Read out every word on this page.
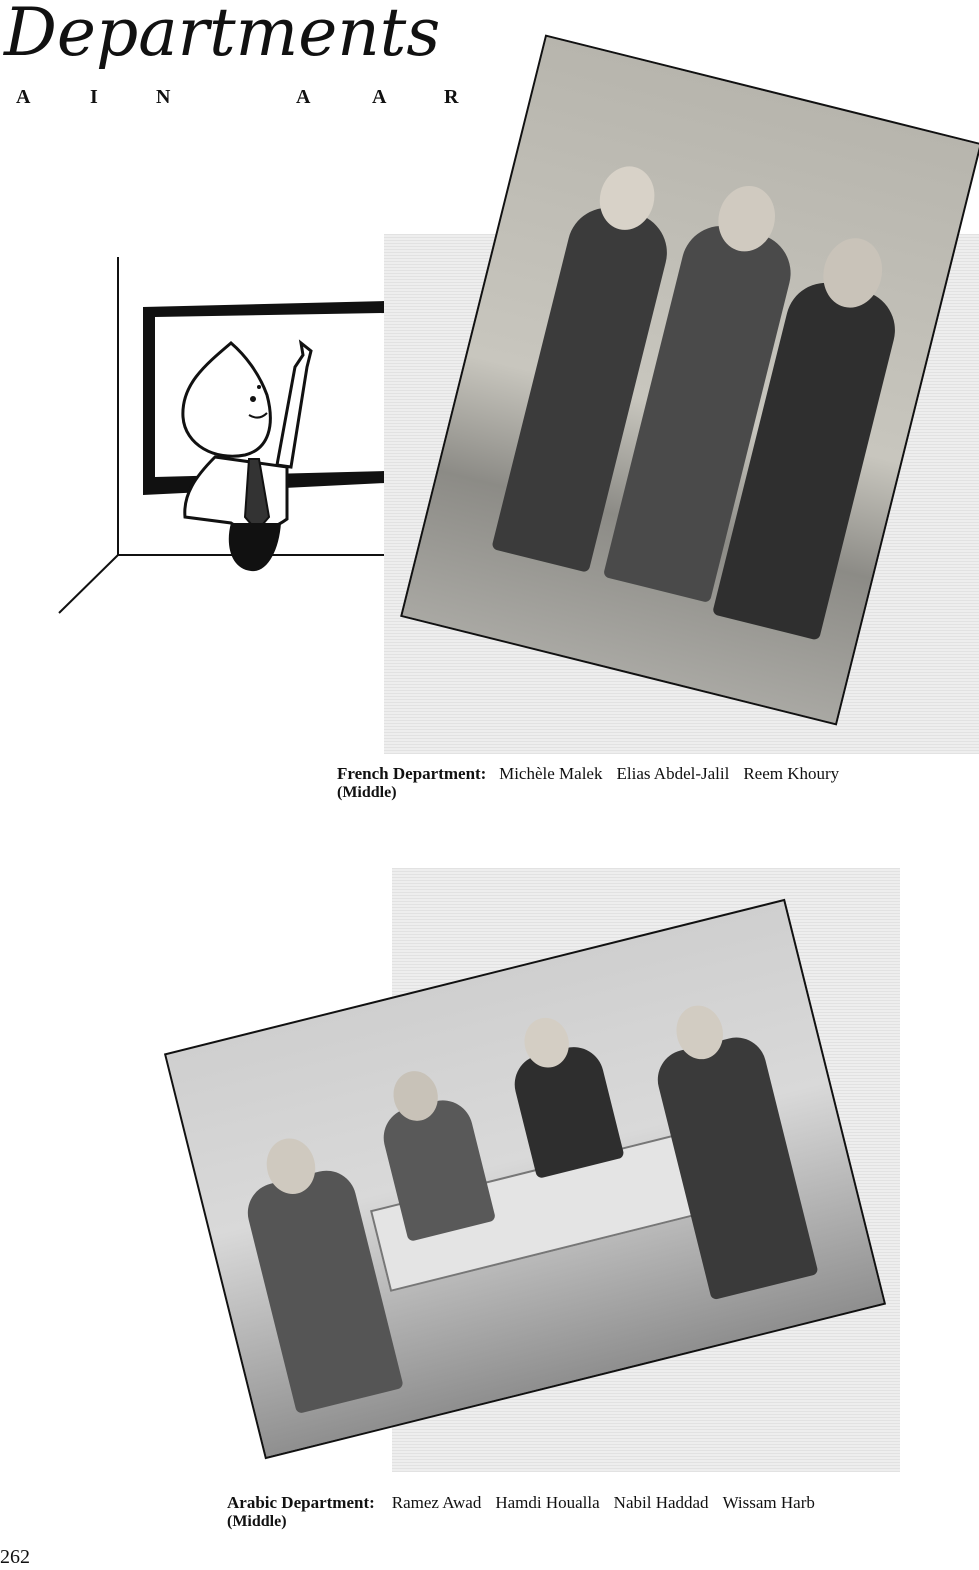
Departments
A	I	N	A	A	R
French Department: Michèle Malek Elias Abdel-Jalil Reem Khoury
(Middle)
Arabic Department: Ramez Awad Hamdi Houalla Nabil Haddad Wissam Harb
(Middle)
262
